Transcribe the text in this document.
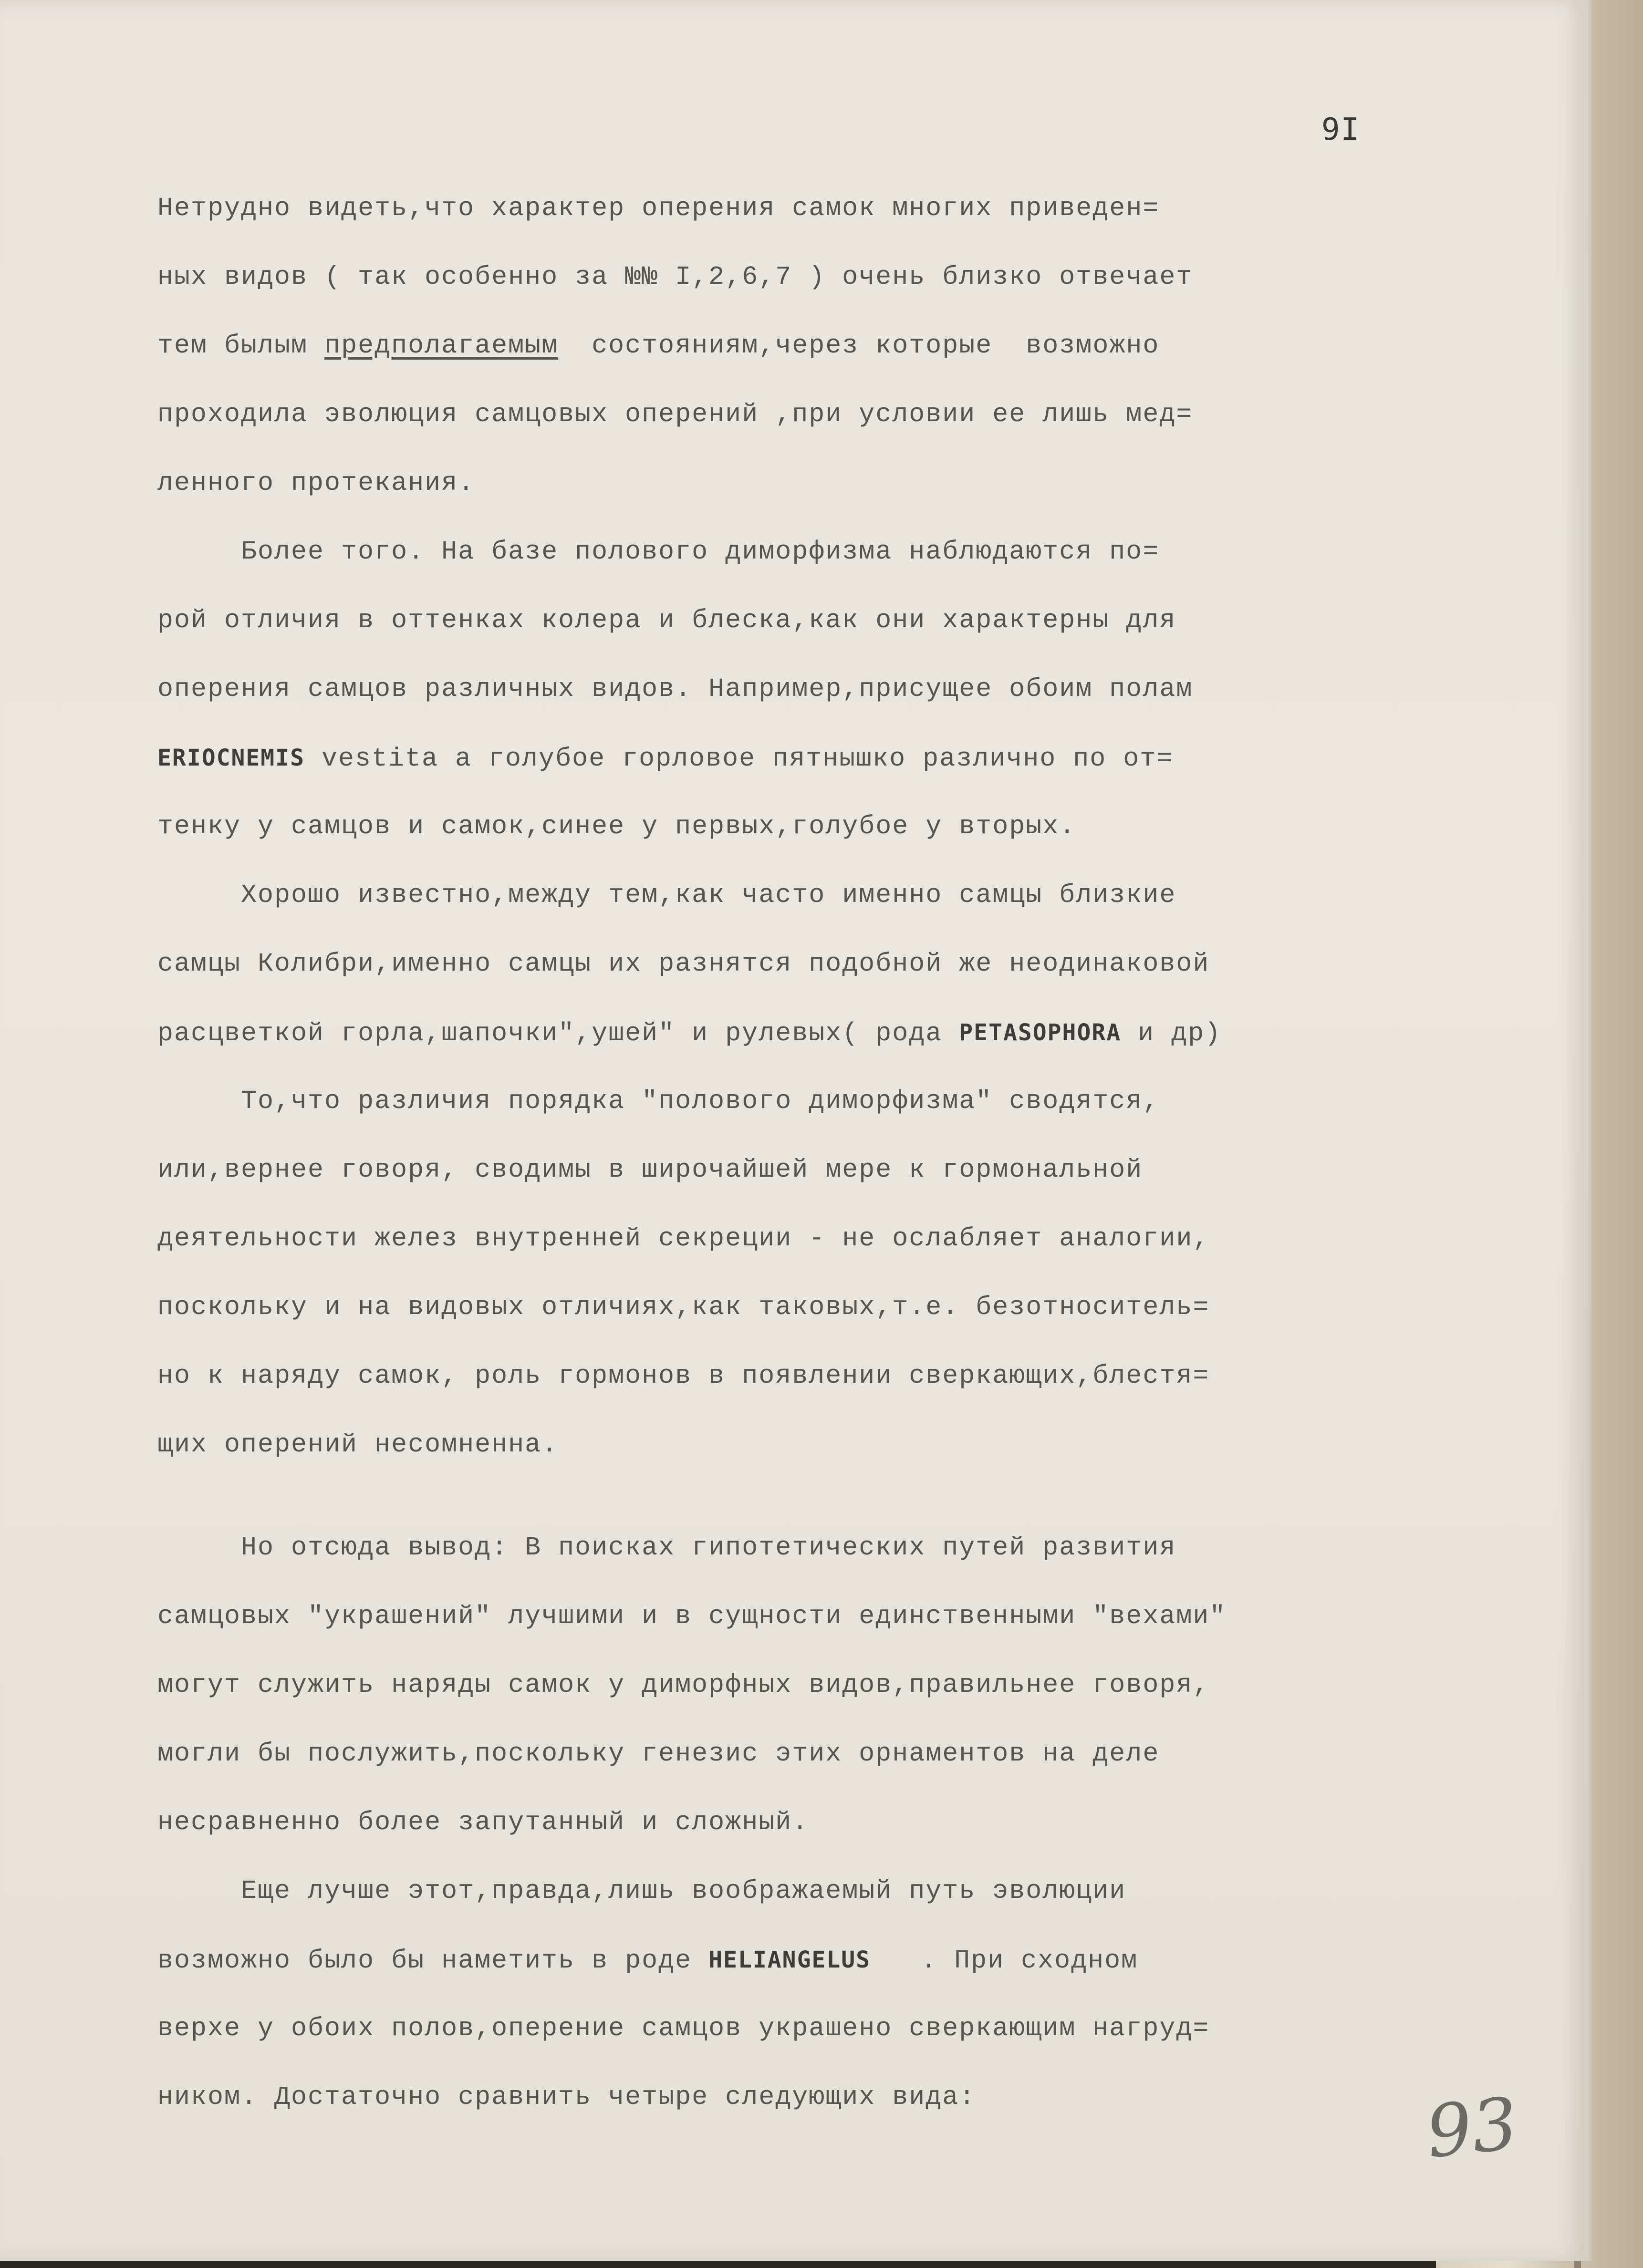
9I
Нетрудно видеть,что характер оперения самок многих приведен=
ных видов ( так особенно за №№ I,2,6,7 ) очень близко отвечает
тем былым предполагаемым  состояниям,через которые  возможно
проходила эволюция самцовых оперений ,при условии ее лишь мед=
ленного протекания.
Более того. На базе полового диморфизма наблюдаются по=
рой отличия в оттенках колера и блеска,как они характерны для
оперения самцов различных видов. Например,присущее обоим полам
ERIOCNEMIS vestita a голубое горловое пятнышко различно по от=
тенку у самцов и самок,синее у первых,голубое у вторых.
Хорошо известно,между тем,как часто именно самцы близкие
самцы Колибри,именно самцы их разнятся подобной же неодинаковой
расцветкой горла,шапочки",ушей" и рулевых( рода PETASOPHORA и др)
То,что различия порядка "полового диморфизма" сводятся,
или,вернее говоря, сводимы в широчайшей мере к гормональной
деятельности желез внутренней секреции - не ослабляет аналогии,
поскольку и на видовых отличиях,как таковых,т.е. безотноситель=
но к наряду самок, роль гормонов в появлении сверкающих,блестя=
щих оперений несомненна.
Но отсюда вывод: В поисках гипотетических путей развития
самцовых "украшений" лучшими и в сущности единственными "вехами"
могут служить наряды самок у диморфных видов,правильнее говоря,
могли бы послужить,поскольку генезис этих орнаментов на деле
несравненно более запутанный и сложный.
Еще лучше этот,правда,лишь воображаемый путь эволюции
возможно было бы наметить в роде HELIANGELUS   . При сходном
верхе у обоих полов,оперение самцов украшено сверкающим нагруд=
ником. Достаточно сравнить четыре следующих вида:	93
